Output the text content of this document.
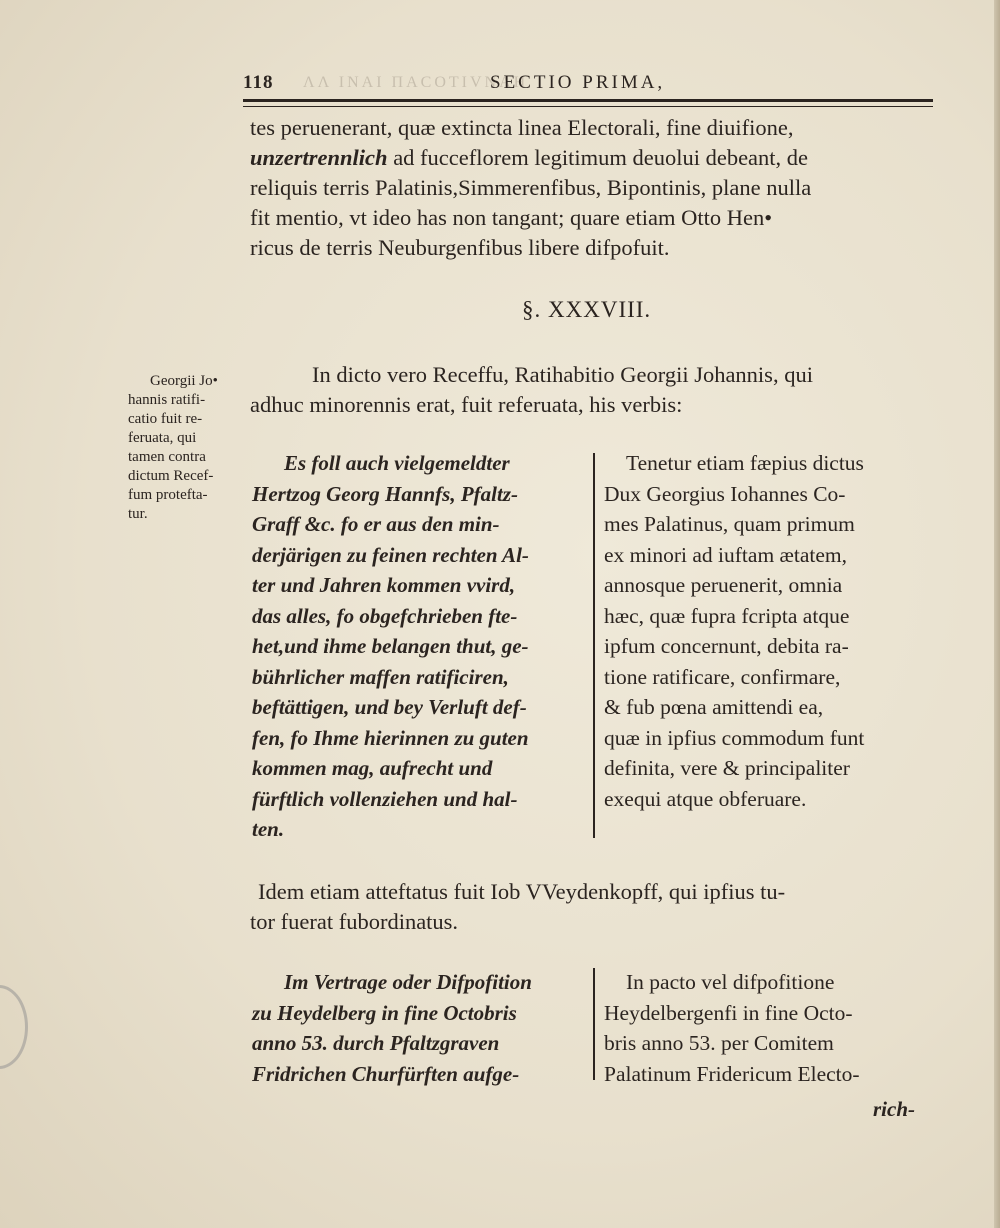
118 ΛΛ ΙΝΑΙ ΠΑCOTIVNAH
SECTIO PRIMA,

tes peruenerant, quæ extincta linea Electorali, fine diuifione,
unzertrennlich ad fucceflorem legitimum deuolui debeant, de
reliquis terris Palatinis,Simmerenfibus, Bipontinis, plane nulla
fit mentio, vt ideo has non tangant; quare etiam Otto Hen•
ricus de terris Neuburgenfibus libere difpofuit.

§. XXXVIII.
Georgii Jo•
hannis ratifi-
catio fuit re-
feruata, qui
tamen contra
dictum Recef-
fum protefta-
tur.

In dicto vero Receffu, Ratihabitio Georgii Johannis, qui
adhuc minorennis erat, fuit referuata, his verbis:

Es foll auch vielgemeldter
Hertzog Georg Hannfs, Pfaltz-
Graff &c. fo er aus den min-
derjärigen zu feinen rechten Al-
ter und Jahren kommen vvird,
das alles, fo obgefchrieben fte-
het,und ihme belangen thut, ge-
bührlicher maffen ratificiren,
beftättigen, und bey Verluft def-
fen, fo Ihme hierinnen zu guten
kommen mag, aufrecht und
fürftlich vollenziehen und hal-
ten.
Tenetur etiam fæpius dictus
Dux Georgius Iohannes Co-
mes Palatinus, quam primum
ex minori ad iuftam ætatem,
annosque peruenerit, omnia
hæc, quæ fupra fcripta atque
ipfum concernunt, debita ra-
tione ratificare, confirmare,
& fub pœna amittendi ea,
quæ in ipfius commodum funt
definita, vere & principaliter
exequi atque obferuare.

Idem etiam atteftatus fuit Iob VVeydenkopff, qui ipfius tu-
tor fuerat fubordinatus.

Im Vertrage oder Difpofition
zu Heydelberg in fine Octobris
anno 53. durch Pfaltzgraven
Fridrichen Churfürften aufge-
In pacto vel difpofitione
Heydelbergenfi in fine Octo-
bris anno 53. per Comitem
Palatinum Fridericum Electo-
rich-
